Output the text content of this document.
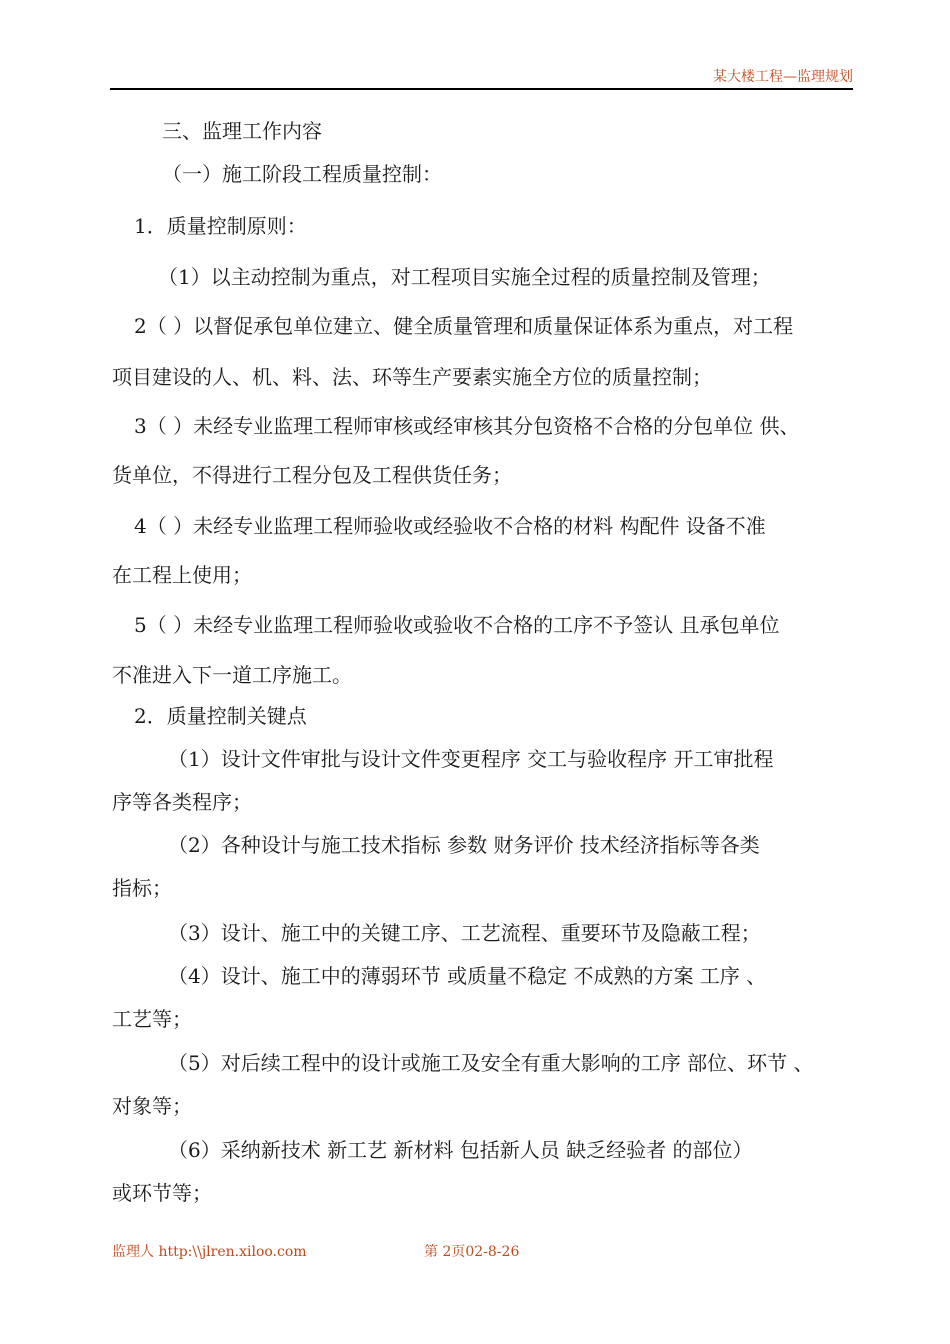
某大楼工程—监理规划
三、监理工作内容
（一）施工阶段工程质量控制：
1．质量控制原则：
（1）以主动控制为重点，对工程项目实施全过程的质量控制及管理；
2（ ）以督促承包单位建立、健全质量管理和质量保证体系为重点，对工程
项目建设的人、机、料、法、环等生产要素实施全方位的质量控制；
3（ ）未经专业监理工程师审核或经审核其分包资格不合格的分包单位 供、
货单位，不得进行工程分包及工程供货任务；
4（ ）未经专业监理工程师验收或经验收不合格的材料 构配件 设备不准
在工程上使用；
5（ ）未经专业监理工程师验收或验收不合格的工序不予签认 且承包单位
不准进入下一道工序施工。
2．质量控制关键点
（1）设计文件审批与设计文件变更程序 交工与验收程序 开工审批程
序等各类程序；
（2）各种设计与施工技术指标 参数 财务评价 技术经济指标等各类
指标；
（3）设计、施工中的关键工序、工艺流程、重要环节及隐蔽工程；
（4）设计、施工中的薄弱环节 或质量不稳定 不成熟的方案 工序 、
工艺等；
（5）对后续工程中的设计或施工及安全有重大影响的工序 部位、环节 、
对象等；
（6）采纳新技术 新工艺 新材料 包括新人员 缺乏经验者 的部位）
或环节等；
监理人 http:\\jlren.xiloo.com	第 2页02-8-26
